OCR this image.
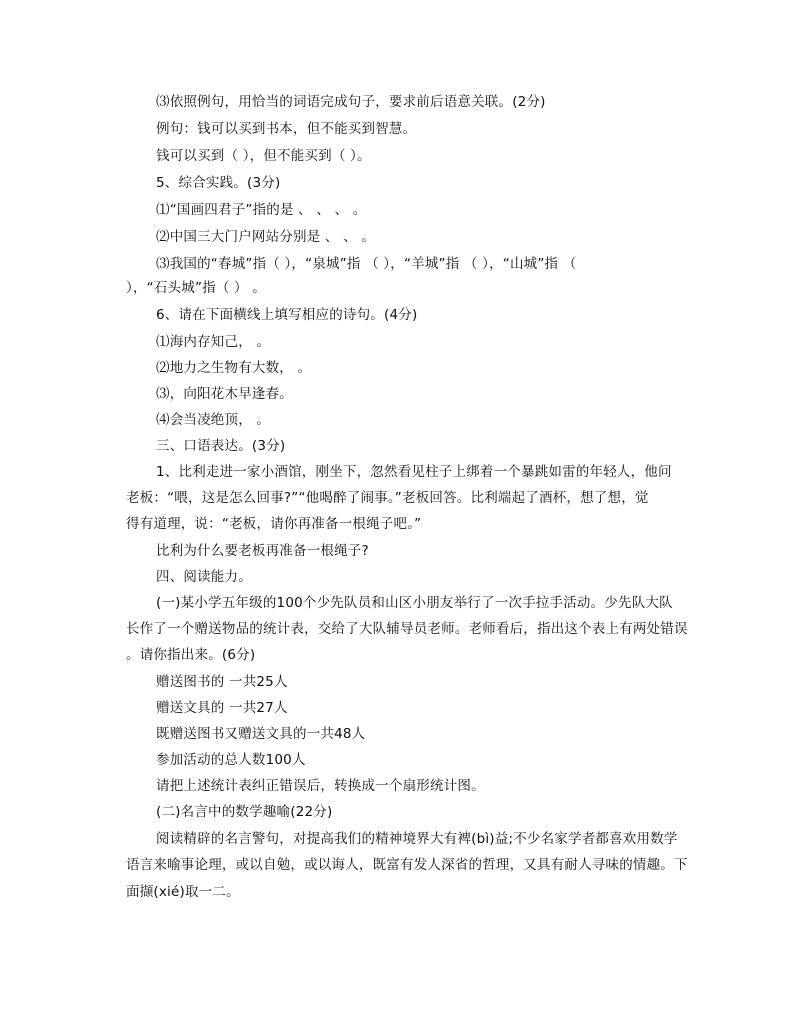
⑶依照例句，用恰当的词语完成句子，要求前后语意关联。(2分)
例句：钱可以买到书本，但不能买到智慧。
钱可以买到（ ），但不能买到（ ）。
5、综合实践。(3分)
⑴“国画四君子”指的是 、 、 、 。
⑵中国三大门户网站分别是 、 、 。
⑶我国的“春城”指（ ），“泉城”指 （ ），“羊城”指 （ ），“山城”指 （
），“石头城”指（ ） 。
6、请在下面横线上填写相应的诗句。(4分)
⑴海内存知己， 。
⑵地力之生物有大数， 。
⑶，向阳花木早逢春。
⑷会当凌绝顶， 。
三、口语表达。(3分)
1、比利走进一家小酒馆，刚坐下，忽然看见柱子上绑着一个暴跳如雷的年轻人，他问
老板：“喂，这是怎么回事?”“他喝醉了闹事。”老板回答。比利端起了酒杯，想了想，觉
得有道理，说：“老板，请你再准备一根绳子吧。”
比利为什么要老板再准备一根绳子?
四、阅读能力。
(一)某小学五年级的100个少先队员和山区小朋友举行了一次手拉手活动。少先队大队
长作了一个赠送物品的统计表，交给了大队辅导员老师。老师看后，指出这个表上有两处错误
。请你指出来。(6分)
赠送图书的 一共25人
赠送文具的 一共27人
既赠送图书又赠送文具的一共48人
参加活动的总人数100人
请把上述统计表纠正错误后，转换成一个扇形统计图。
(二)名言中的数学趣喻(22分)
阅读精辟的名言警句，对提高我们的精神境界大有裨(bì)益;不少名家学者都喜欢用数学
语言来喻事论理，或以自勉，或以诲人，既富有发人深省的哲理，又具有耐人寻味的情趣。下
面撷(xié)取一二。
